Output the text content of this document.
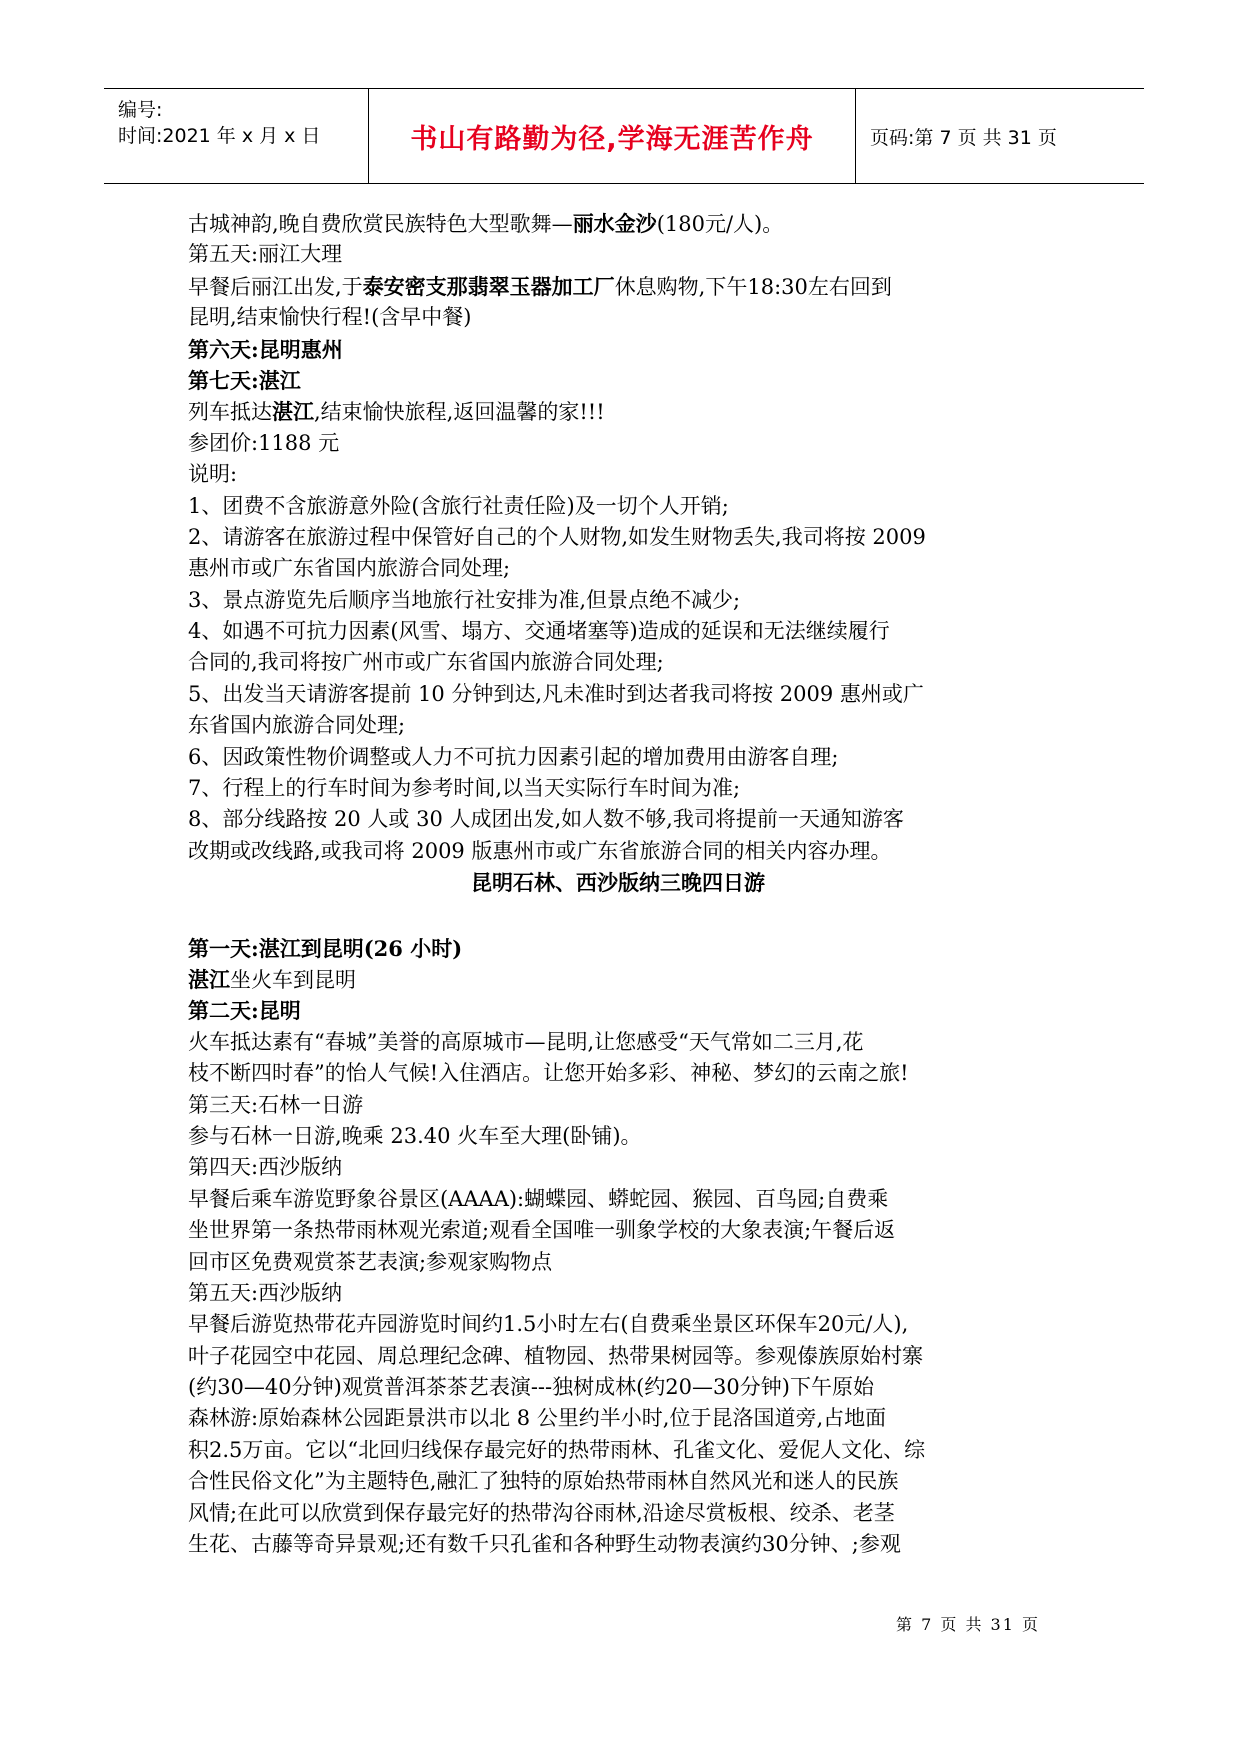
编号:
时间:2021 年 x 月 x 日	书山有路勤为径,学海无涯苦作舟	页码:第 7 页 共 31 页
古城神韵,晚自费欣赏民族特色大型歌舞—丽水金沙(180元/人)。
第五天:丽江大理
早餐后丽江出发,于泰安密支那翡翠玉器加工厂休息购物,下午18:30左右回到
昆明,结束愉快行程!(含早中餐)
第六天:昆明惠州
第七天:湛江
列车抵达湛江,结束愉快旅程,返回温馨的家!!!
参团价:1188 元
说明:
1、团费不含旅游意外险(含旅行社责任险)及一切个人开销;
2、请游客在旅游过程中保管好自己的个人财物,如发生财物丢失,我司将按 2009
惠州市或广东省国内旅游合同处理;
3、景点游览先后顺序当地旅行社安排为准,但景点绝不减少;
4、如遇不可抗力因素(风雪、塌方、交通堵塞等)造成的延误和无法继续履行
合同的,我司将按广州市或广东省国内旅游合同处理;
5、出发当天请游客提前 10 分钟到达,凡未准时到达者我司将按 2009 惠州或广
东省国内旅游合同处理;
6、因政策性物价调整或人力不可抗力因素引起的增加费用由游客自理;
7、行程上的行车时间为参考时间,以当天实际行车时间为准;
8、部分线路按 20 人或 30 人成团出发,如人数不够,我司将提前一天通知游客
改期或改线路,或我司将 2009 版惠州市或广东省旅游合同的相关内容办理。
昆明石林、西沙版纳三晚四日游
第一天:湛江到昆明(26 小时)
湛江坐火车到昆明
第二天:昆明
火车抵达素有“春城”美誉的高原城市—昆明,让您感受“天气常如二三月,花
枝不断四时春”的怡人气候!入住酒店。让您开始多彩、神秘、梦幻的云南之旅!
第三天:石林一日游
参与石林一日游,晚乘 23.40 火车至大理(卧铺)。
第四天:西沙版纳
早餐后乘车游览野象谷景区(AAAA):蝴蝶园、蟒蛇园、猴园、百鸟园;自费乘
坐世界第一条热带雨林观光索道;观看全国唯一驯象学校的大象表演;午餐后返
回市区免费观赏茶艺表演;参观家购物点
第五天:西沙版纳
早餐后游览热带花卉园游览时间约1.5小时左右(自费乘坐景区环保车20元/人),
叶子花园空中花园、周总理纪念碑、植物园、热带果树园等。参观傣族原始村寨
(约30—40分钟)观赏普洱茶茶艺表演---独树成林(约20—30分钟)下午原始
森林游:原始森林公园距景洪市以北 8 公里约半小时,位于昆洛国道旁,占地面
积2.5万亩。它以“北回归线保存最完好的热带雨林、孔雀文化、爱伲人文化、综
合性民俗文化”为主题特色,融汇了独特的原始热带雨林自然风光和迷人的民族
风情;在此可以欣赏到保存最完好的热带沟谷雨林,沿途尽赏板根、绞杀、老茎
生花、古藤等奇异景观;还有数千只孔雀和各种野生动物表演约30分钟、;参观
第 7 页 共 31 页
